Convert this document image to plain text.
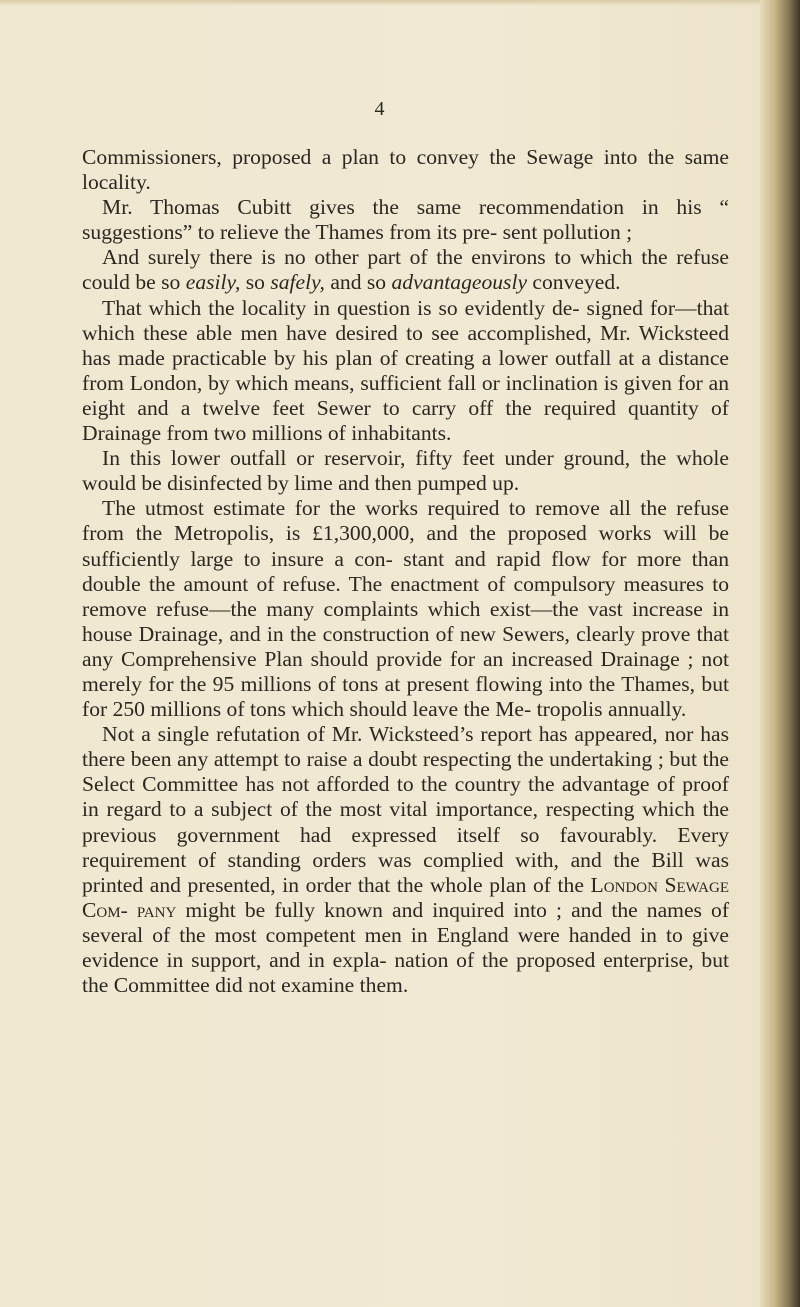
4

Commissioners, proposed a plan to convey the Sewage into the same locality.

Mr. Thomas Cubitt gives the same recommendation in his “ suggestions” to relieve the Thames from its pre- sent pollution ;

And surely there is no other part of the environs to which the refuse could be so easily, so safely, and so advantageously conveyed.

That which the locality in question is so evidently de- signed for—that which these able men have desired to see accomplished, Mr. Wicksteed has made practicable by his plan of creating a lower outfall at a distance from London, by which means, sufficient fall or inclination is given for an eight and a twelve feet Sewer to carry off the required quantity of Drainage from two millions of inhabitants.

In this lower outfall or reservoir, fifty feet under ground, the whole would be disinfected by lime and then pumped up.

The utmost estimate for the works required to remove all the refuse from the Metropolis, is £1,300,000, and the proposed works will be sufficiently large to insure a con- stant and rapid flow for more than double the amount of refuse. The enactment of compulsory measures to remove refuse—the many complaints which exist—the vast increase in house Drainage, and in the construction of new Sewers, clearly prove that any Comprehensive Plan should provide for an increased Drainage ; not merely for the 95 millions of tons at present flowing into the Thames, but for 250 millions of tons which should leave the Me- tropolis annually.

Not a single refutation of Mr. Wicksteed’s report has appeared, nor has there been any attempt to raise a doubt respecting the undertaking ; but the Select Committee has not afforded to the country the advantage of proof in regard to a subject of the most vital importance, respecting which the previous government had expressed itself so favourably. Every requirement of standing orders was complied with, and the Bill was printed and presented, in order that the whole plan of the London Sewage Com- pany might be fully known and inquired into ; and the names of several of the most competent men in England were handed in to give evidence in support, and in expla- nation of the proposed enterprise, but the Committee did not examine them.
